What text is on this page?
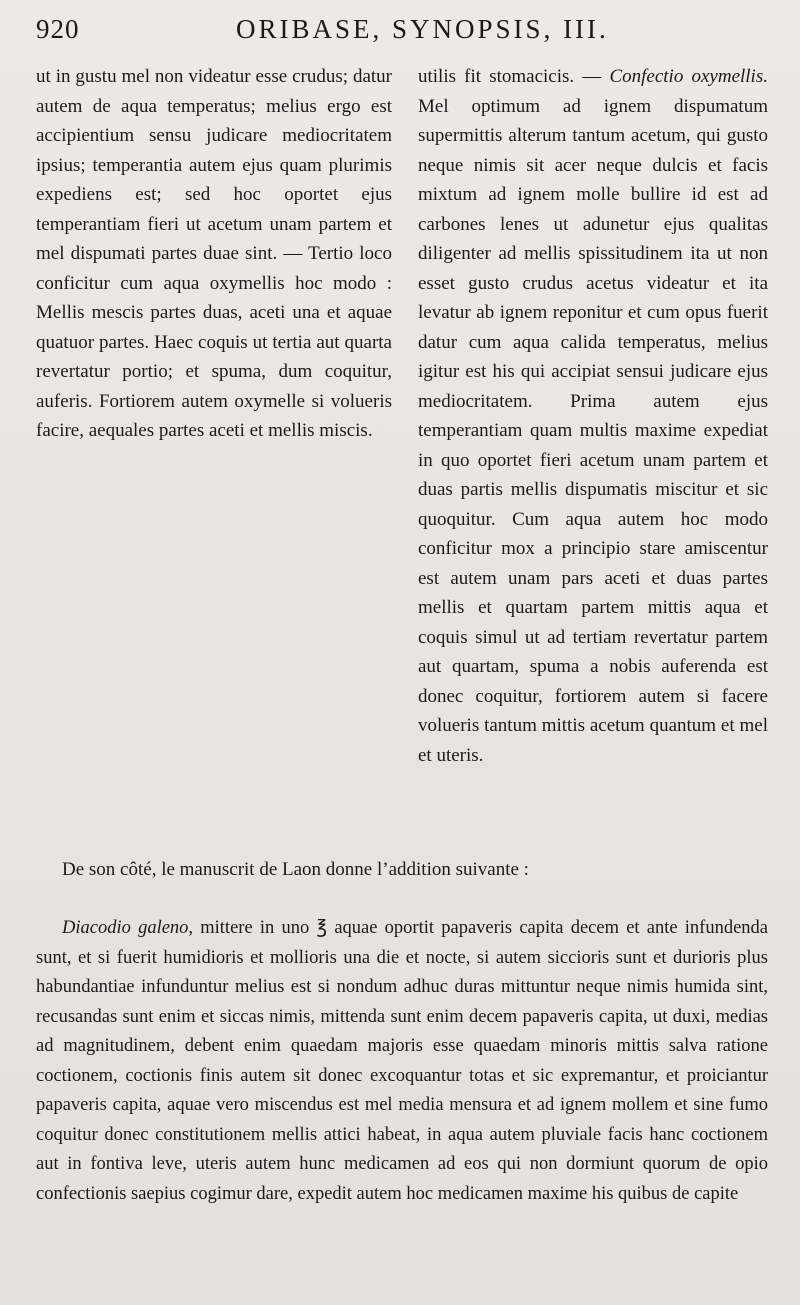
920	ORIBASE, SYNOPSIS, III.

ut in gustu mel non videatur esse crudus; datur autem de aqua temperatus; melius ergo est accipientium sensu judicare mediocritatem ipsius; temperantia autem ejus quam plurimis expediens est; sed hoc oportet ejus temperantiam fieri ut acetum unam partem et mel dispumati partes duae sint. — Tertio loco conficitur cum aqua oxymellis hoc modo : Mellis mescis partes duas, aceti una et aquae quatuor partes. Haec coquis ut tertia aut quarta revertatur portio; et spuma, dum coquitur, auferis. Fortiorem autem oxymelle si volueris facire, aequales partes aceti et mellis miscis.

utilis fit stomacicis. — Confectio oxymellis. Mel optimum ad ignem dispumatum supermittis alterum tantum acetum, qui gusto neque nimis sit acer neque dulcis et facis mixtum ad ignem molle bullire id est ad carbones lenes ut adunetur ejus qualitas diligenter ad mellis spissitudinem ita ut non esset gusto crudus acetus videatur et ita levatur ab ignem reponitur et cum opus fuerit datur cum aqua calida temperatus, melius igitur est his qui accipiat sensui judicare ejus mediocritatem. Prima autem ejus temperantiam quam multis maxime expediat in quo oportet fieri acetum unam partem et duas partis mellis dispumatis miscitur et sic quoquitur. Cum aqua autem hoc modo conficitur mox a principio stare amiscentur est autem unam pars aceti et duas partes mellis et quartam partem mittis aqua et coquis simul ut ad tertiam revertatur partem aut quartam, spuma a nobis auferenda est donec coquitur, fortiorem autem si facere volueris tantum mittis acetum quantum et mel et uteris.

De son côté, le manuscrit de Laon donne l’addition suivante :

Diacodio galeno, mittere in uno ℥ aquae oportit papaveris capita decem et ante infundenda sunt, et si fuerit humidioris et mollioris una die et nocte, si autem siccioris sunt et durioris plus habundantiae infunduntur melius est si nondum adhuc duras mittuntur neque nimis humida sint, recusandas sunt enim et siccas nimis, mittenda sunt enim decem papaveris capita, ut duxi, medias ad magnitudinem, debent enim quaedam majoris esse quaedam minoris mittis salva ratione coctionem, coctionis finis autem sit donec excoquantur totas et sic expremantur, et proiciantur papaveris capita, aquae vero miscendus est mel media mensura et ad ignem mollem et sine fumo coquitur donec constitutionem mellis attici habeat, in aqua autem pluviale facis hanc coctionem aut in fontiva leve, uteris autem hunc medicamen ad eos qui non dormiunt quorum de opio confectionis saepius cogimur dare, expedit autem hoc medicamen maxime his quibus de capite
